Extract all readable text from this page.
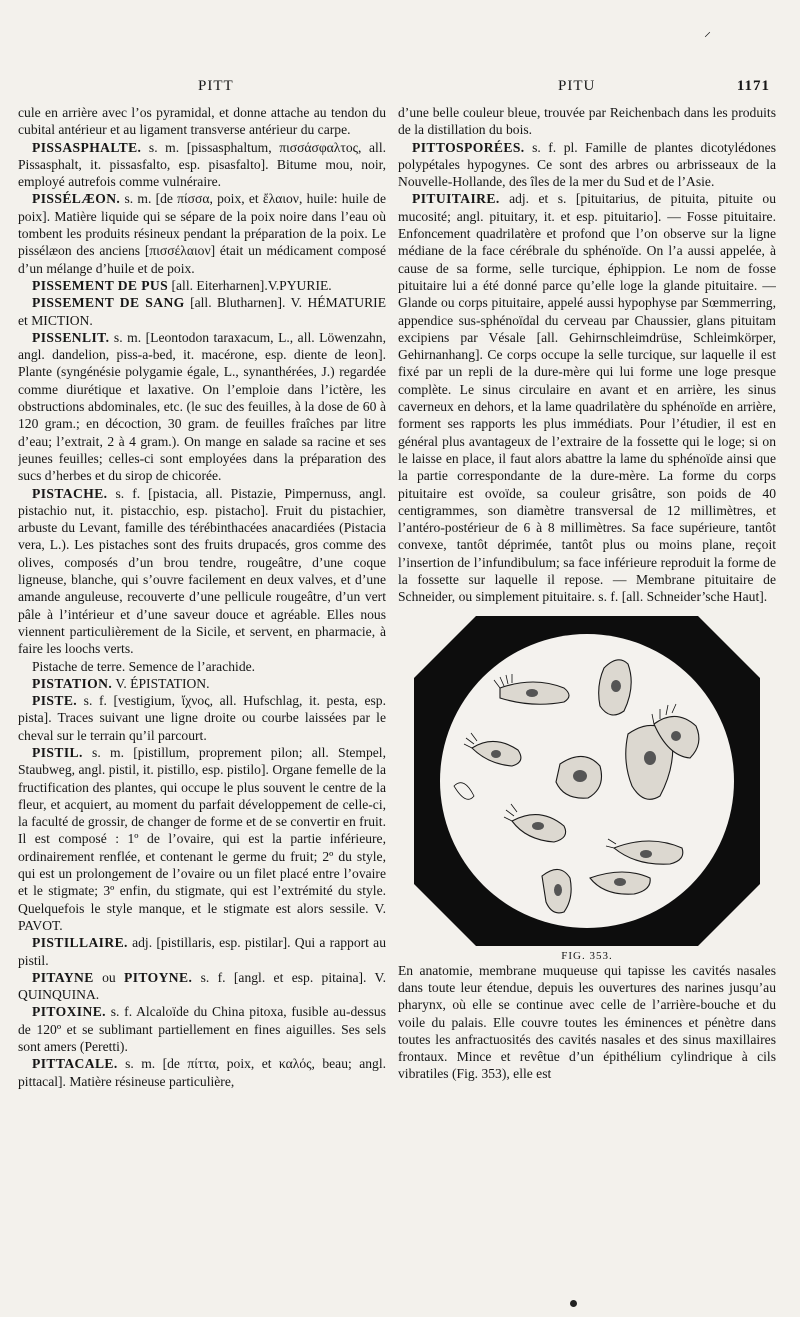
⸝
PITT	PITU	1171

cule en arrière avec l’os pyramidal, et donne attache au tendon du cubital antérieur et au ligament transverse antérieur du carpe.

PISSASPHALTE. s. m. [pissasphaltum, πισσάσφαλτος, all. Pissasphalt, it. pissasfalto, esp. pisasfalto]. Bitume mou, noir, employé autrefois comme vulnéraire.

PISSÉLÆON. s. m. [de πίσσα, poix, et ἔλαιον, huile: huile de poix]. Matière liquide qui se sépare de la poix noire dans l’eau où tombent les produits résineux pendant la préparation de la poix. Le pissélæon des anciens [πισσέλαιον] était un médicament composé d’un mélange d’huile et de poix.

PISSEMENT DE PUS [all. Eiterharnen].V.PYURIE.

PISSEMENT DE SANG [all. Blutharnen]. V. HÉMATURIE et MICTION.

PISSENLIT. s. m. [Leontodon taraxacum, L., all. Löwenzahn, angl. dandelion, piss-a-bed, it. macérone, esp. diente de leon]. Plante (syngénésie polygamie égale, L., synanthérées, J.) regardée comme diurétique et laxative. On l’emploie dans l’ictère, les obstructions abdominales, etc. (le suc des feuilles, à la dose de 60 à 120 gram.; en décoction, 30 gram. de feuilles fraîches par litre d’eau; l’extrait, 2 à 4 gram.). On mange en salade sa racine et ses jeunes feuilles; celles-ci sont employées dans la préparation des sucs d’herbes et du sirop de chicorée.

PISTACHE. s. f. [pistacia, all. Pistazie, Pimpernuss, angl. pistachio nut, it. pistacchio, esp. pistacho]. Fruit du pistachier, arbuste du Levant, famille des térébinthacées anacardiées (Pistacia vera, L.). Les pistaches sont des fruits drupacés, gros comme des olives, composés d’un brou tendre, rougeâtre, d’une coque ligneuse, blanche, qui s’ouvre facilement en deux valves, et d’une amande anguleuse, recouverte d’une pellicule rougeâtre, d’un vert pâle à l’intérieur et d’une saveur douce et agréable. Elles nous viennent particulièrement de la Sicile, et servent, en pharmacie, à faire les loochs verts.

Pistache de terre. Semence de l’arachide.

PISTATION. V. ÉPISTATION.

PISTE. s. f. [vestigium, ἴχνος, all. Hufschlag, it. pesta, esp. pista]. Traces suivant une ligne droite ou courbe laissées par le cheval sur le terrain qu’il parcourt.

PISTIL. s. m. [pistillum, proprement pilon; all. Stempel, Staubweg, angl. pistil, it. pistillo, esp. pistilo]. Organe femelle de la fructification des plantes, qui occupe le plus souvent le centre de la fleur, et acquiert, au moment du parfait développement de celle-ci, la faculté de grossir, de changer de forme et de se convertir en fruit. Il est composé : 1º de l’ovaire, qui est la partie inférieure, ordinairement renflée, et contenant le germe du fruit; 2º du style, qui est un prolongement de l’ovaire ou un filet placé entre l’ovaire et le stigmate; 3º enfin, du stigmate, qui est l’extrémité du style. Quelquefois le style manque, et le stigmate est alors sessile. V. PAVOT.

PISTILLAIRE. adj. [pistillaris, esp. pistilar]. Qui a rapport au pistil.

PITAYNE ou PITOYNE. s. f. [angl. et esp. pitaina]. V. QUINQUINA.

PITOXINE. s. f. Alcaloïde du China pitoxa, fusible au-dessus de 120º et se sublimant partiellement en fines aiguilles. Ses sels sont amers (Peretti).

PITTACALE. s. m. [de πίττα, poix, et καλός, beau; angl. pittacal]. Matière résineuse particulière,

d’une belle couleur bleue, trouvée par Reichenbach dans les produits de la distillation du bois.

PITTOSPORÉES. s. f. pl. Famille de plantes dicotylédones polypétales hypogynes. Ce sont des arbres ou arbrisseaux de la Nouvelle-Hollande, des îles de la mer du Sud et de l’Asie.

PITUITAIRE. adj. et s. [pituitarius, de pituita, pituite ou mucosité; angl. pituitary, it. et esp. pituitario]. — Fosse pituitaire. Enfoncement quadrilatère et profond que l’on observe sur la ligne médiane de la face cérébrale du sphénoïde. On l’a aussi appelée, à cause de sa forme, selle turcique, éphippion. Le nom de fosse pituitaire lui a été donné parce qu’elle loge la glande pituitaire. — Glande ou corps pituitaire, appelé aussi hypophyse par Sœmmerring, appendice sus-sphénoïdal du cerveau par Chaussier, glans pituitam excipiens par Vésale [all. Gehirnschleimdrüse, Schleimkörper, Gehirnanhang]. Ce corps occupe la selle turcique, sur laquelle il est fixé par un repli de la dure-mère qui lui forme une loge presque complète. Le sinus circulaire en avant et en arrière, les sinus caverneux en dehors, et la lame quadrilatère du sphénoïde en arrière, forment ses rapports les plus immédiats. Pour l’étudier, il est en général plus avantageux de l’extraire de la fossette qui le loge; si on le laisse en place, il faut alors abattre la lame du sphénoïde ainsi que la partie correspondante de la dure-mère. La forme du corps pituitaire est ovoïde, sa couleur grisâtre, son poids de 40 centigrammes, son diamètre transversal de 12 millimètres, et l’antéro-postérieur de 6 à 8 millimètres. Sa face supérieure, tantôt convexe, tantôt déprimée, tantôt plus ou moins plane, reçoit l’insertion de l’infundibulum; sa face inférieure reproduit la forme de la fossette sur laquelle il repose. — Membrane pituitaire de Schneider, ou simplement pituitaire. s. f. [all. Schneider’sche Haut].

FIG. 353.

En anatomie, membrane muqueuse qui tapisse les cavités nasales dans toute leur étendue, depuis les ouvertures des narines jusqu’au pharynx, où elle se continue avec celle de l’arrière-bouche et du voile du palais. Elle couvre toutes les éminences et pénètre dans toutes les anfractuosités des cavités nasales et des sinus maxillaires frontaux. Mince et revêtue d’un épithélium cylindrique à cils vibratiles (Fig. 353), elle est
